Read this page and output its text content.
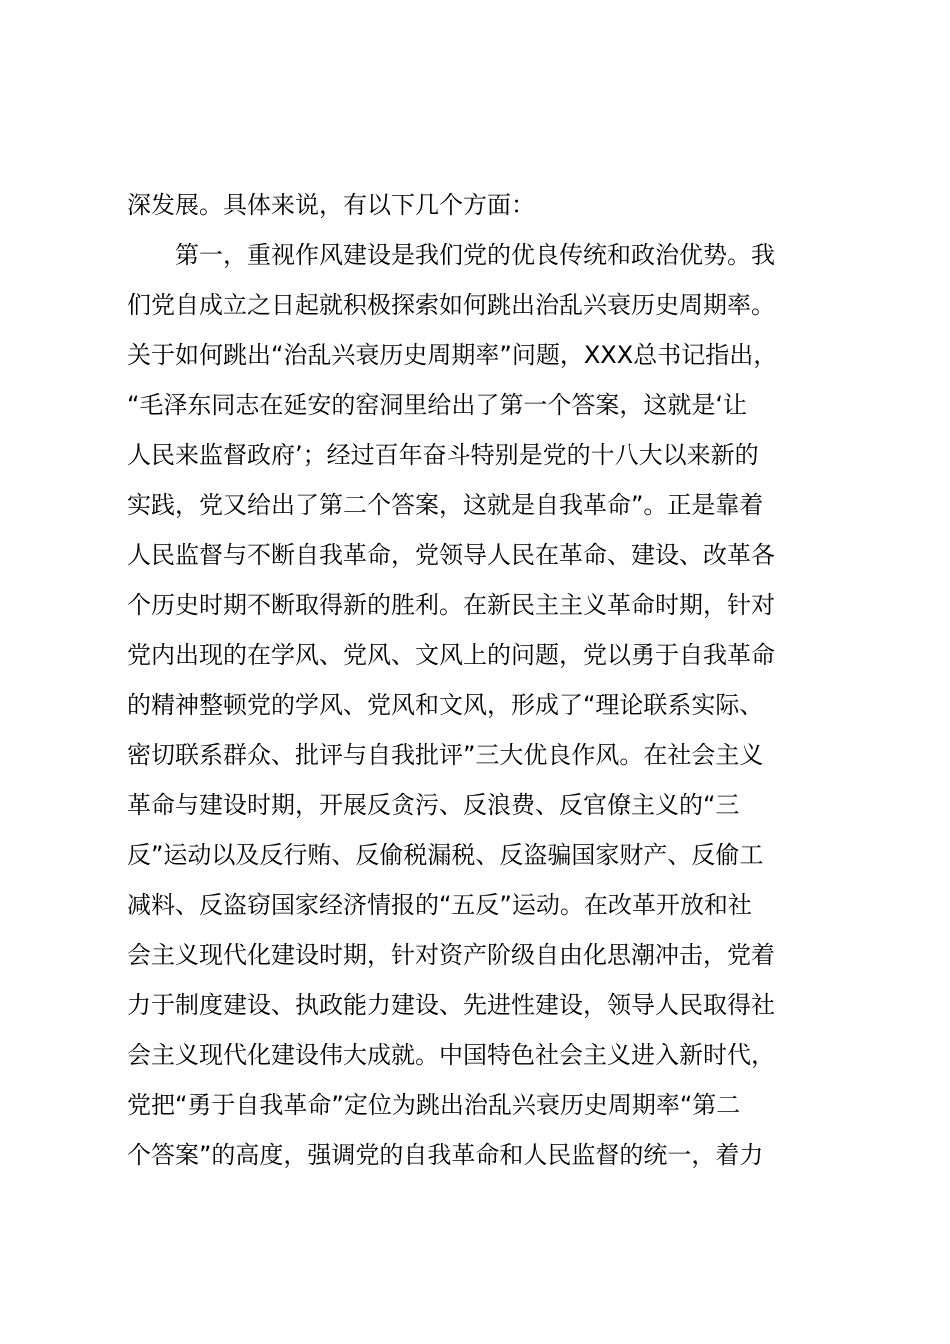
深发展。具体来说，有以下几个方面：
　　第一，重视作风建设是我们党的优良传统和政治优势。我
们党自成立之日起就积极探索如何跳出治乱兴衰历史周期率。
关于如何跳出“治乱兴衰历史周期率”问题，XXX总书记指出，
“毛泽东同志在延安的窑洞里给出了第一个答案，这就是‘让
人民来监督政府’；经过百年奋斗特别是党的十八大以来新的
实践，党又给出了第二个答案，这就是自我革命”。正是靠着
人民监督与不断自我革命，党领导人民在革命、建设、改革各
个历史时期不断取得新的胜利。在新民主主义革命时期，针对
党内出现的在学风、党风、文风上的问题，党以勇于自我革命
的精神整顿党的学风、党风和文风，形成了“理论联系实际、
密切联系群众、批评与自我批评”三大优良作风。在社会主义
革命与建设时期，开展反贪污、反浪费、反官僚主义的“三
反”运动以及反行贿、反偷税漏税、反盗骗国家财产、反偷工
减料、反盗窃国家经济情报的“五反”运动。在改革开放和社
会主义现代化建设时期，针对资产阶级自由化思潮冲击，党着
力于制度建设、执政能力建设、先进性建设，领导人民取得社
会主义现代化建设伟大成就。中国特色社会主义进入新时代，
党把“勇于自我革命”定位为跳出治乱兴衰历史周期率“第二
个答案”的高度，强调党的自我革命和人民监督的统一，着力
